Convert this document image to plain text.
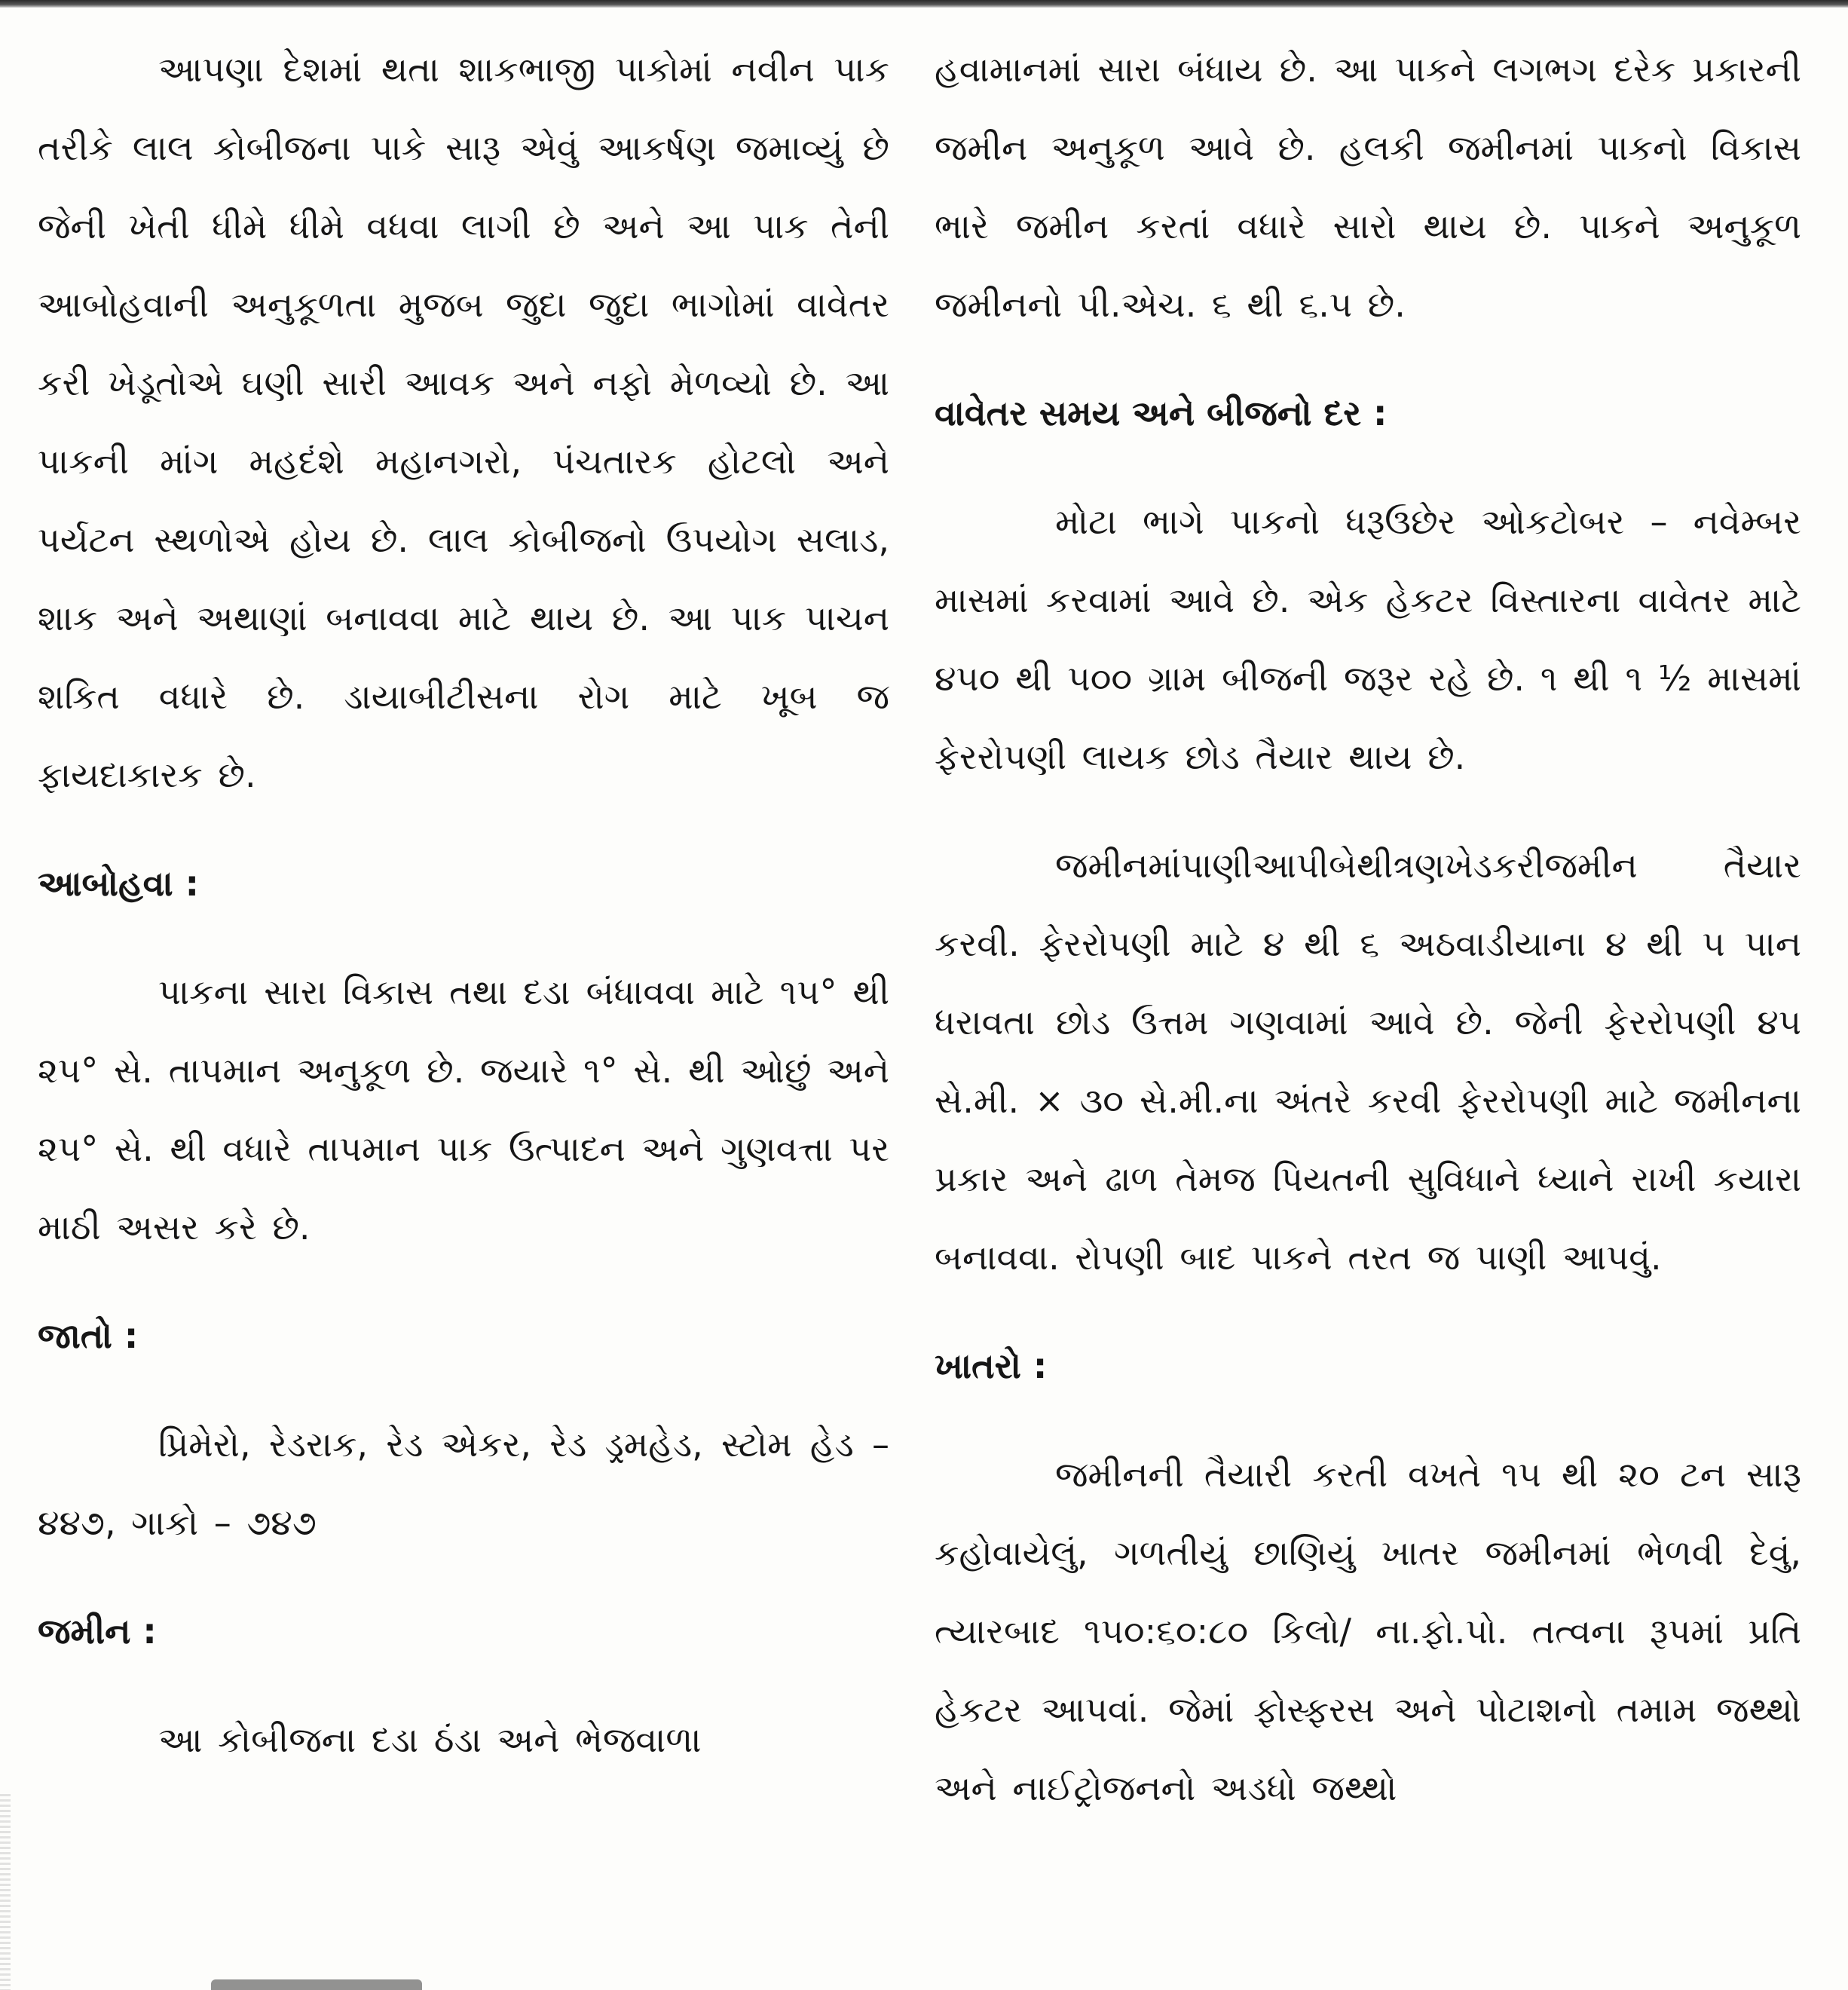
આપણા દેશમાં થતા શાકભાજી પાકોમાં નવીન પાક તરીકે લાલ કોબીજના પાકે સારૂ એવું આકર્ષણ જમાવ્યું છે જેની ખેતી ધીમે ધીમે વધવા લાગી છે અને આ પાક તેની આબોહવાની અનુકૂળતા મુજબ જુદા જુદા ભાગોમાં વાવેતર કરી ખેડૂતોએ ઘણી સારી આવક અને નફો મેળવ્યો છે. આ પાકની માંગ મહદંશે મહાનગરો, પંચતારક હોટલો અને પર્યટન સ્થળોએ હોય છે. લાલ કોબીજનો ઉપયોગ સલાડ, શાક અને અથાણાં બનાવવા માટે થાય છે. આ પાક પાચન શકિત વધારે છે. ડાયાબીટીસના રોગ માટે ખૂબ જ ફાયદાકારક છે.

આબોહવા :

પાકના સારા વિકાસ તથા દડા બંધાવવા માટે ૧૫° થી ૨૫° સે. તાપમાન અનુકૂળ છે. જયારે ૧° સે. થી ઓછું અને ૨૫° સે. થી વધારે તાપમાન પાક ઉત્પાદન અને ગુણવત્તા પર માઠી અસર કરે છે.

જાતો :

પ્રિમેરો, રેડરાક, રેડ એકર, રેડ ડ્રમહેડ, સ્ટોમ હેડ – ૪૪૭, ગાકો – ૭૪૭

જમીન :

આ કોબીજના દડા ઠંડા અને ભેજવાળા

હવામાનમાં સારા બંધાય છે. આ પાકને લગભગ દરેક પ્રકારની જમીન અનુકૂળ આવે છે. હલકી જમીનમાં પાકનો વિકાસ ભારે જમીન કરતાં વધારે સારો થાય છે. પાકને અનુકૂળ જમીનનો પી.એચ. ૬ થી ૬.૫ છે.

વાવેતર સમય અને બીજનો દર :

મોટા ભાગે પાકનો ધરૂઉછેર ઓકટોબર – નવેમ્બર માસમાં કરવામાં આવે છે. એક હેકટર વિસ્તારના વાવેતર માટે ૪૫૦ થી ૫૦૦ ગ્રામ બીજની જરૂર રહે છે. ૧ થી ૧ ½ માસમાં ફેરરોપણી લાયક છોડ તૈયાર થાય છે.

જમીનમાંપાણીઆપીબેથીત્રણખેડકરીજમીન તૈયાર કરવી. ફેરરોપણી માટે ૪ થી ૬ અઠવાડીયાના ૪ થી ૫ પાન ધરાવતા છોડ ઉત્તમ ગણવામાં આવે છે. જેની ફેરરોપણી ૪૫ સે.મી. × ૩૦ સે.મી.ના અંતરે કરવી ફેરરોપણી માટે જમીનના પ્રકાર અને ઢાળ તેમજ પિયતની સુવિધાને ધ્યાને રાખી કયારા બનાવવા. રોપણી બાદ પાકને તરત જ પાણી આપવું.

ખાતરો :

જમીનની તૈયારી કરતી વખતે ૧૫ થી ૨૦ ટન સારૂ કહોવાયેલું, ગળતીયું છાણિયું ખાતર જમીનમાં ભેળવી દેવું, ત્યારબાદ ૧૫૦:૬૦:૮૦ કિલો/ ના.ફો.પો. તત્વના રૂપમાં પ્રતિ હેકટર આપવાં. જેમાં ફોસ્ફરસ અને પોટાશનો તમામ જથ્થો અને નાઈટ્રોજનનો અડધો જથ્થો
